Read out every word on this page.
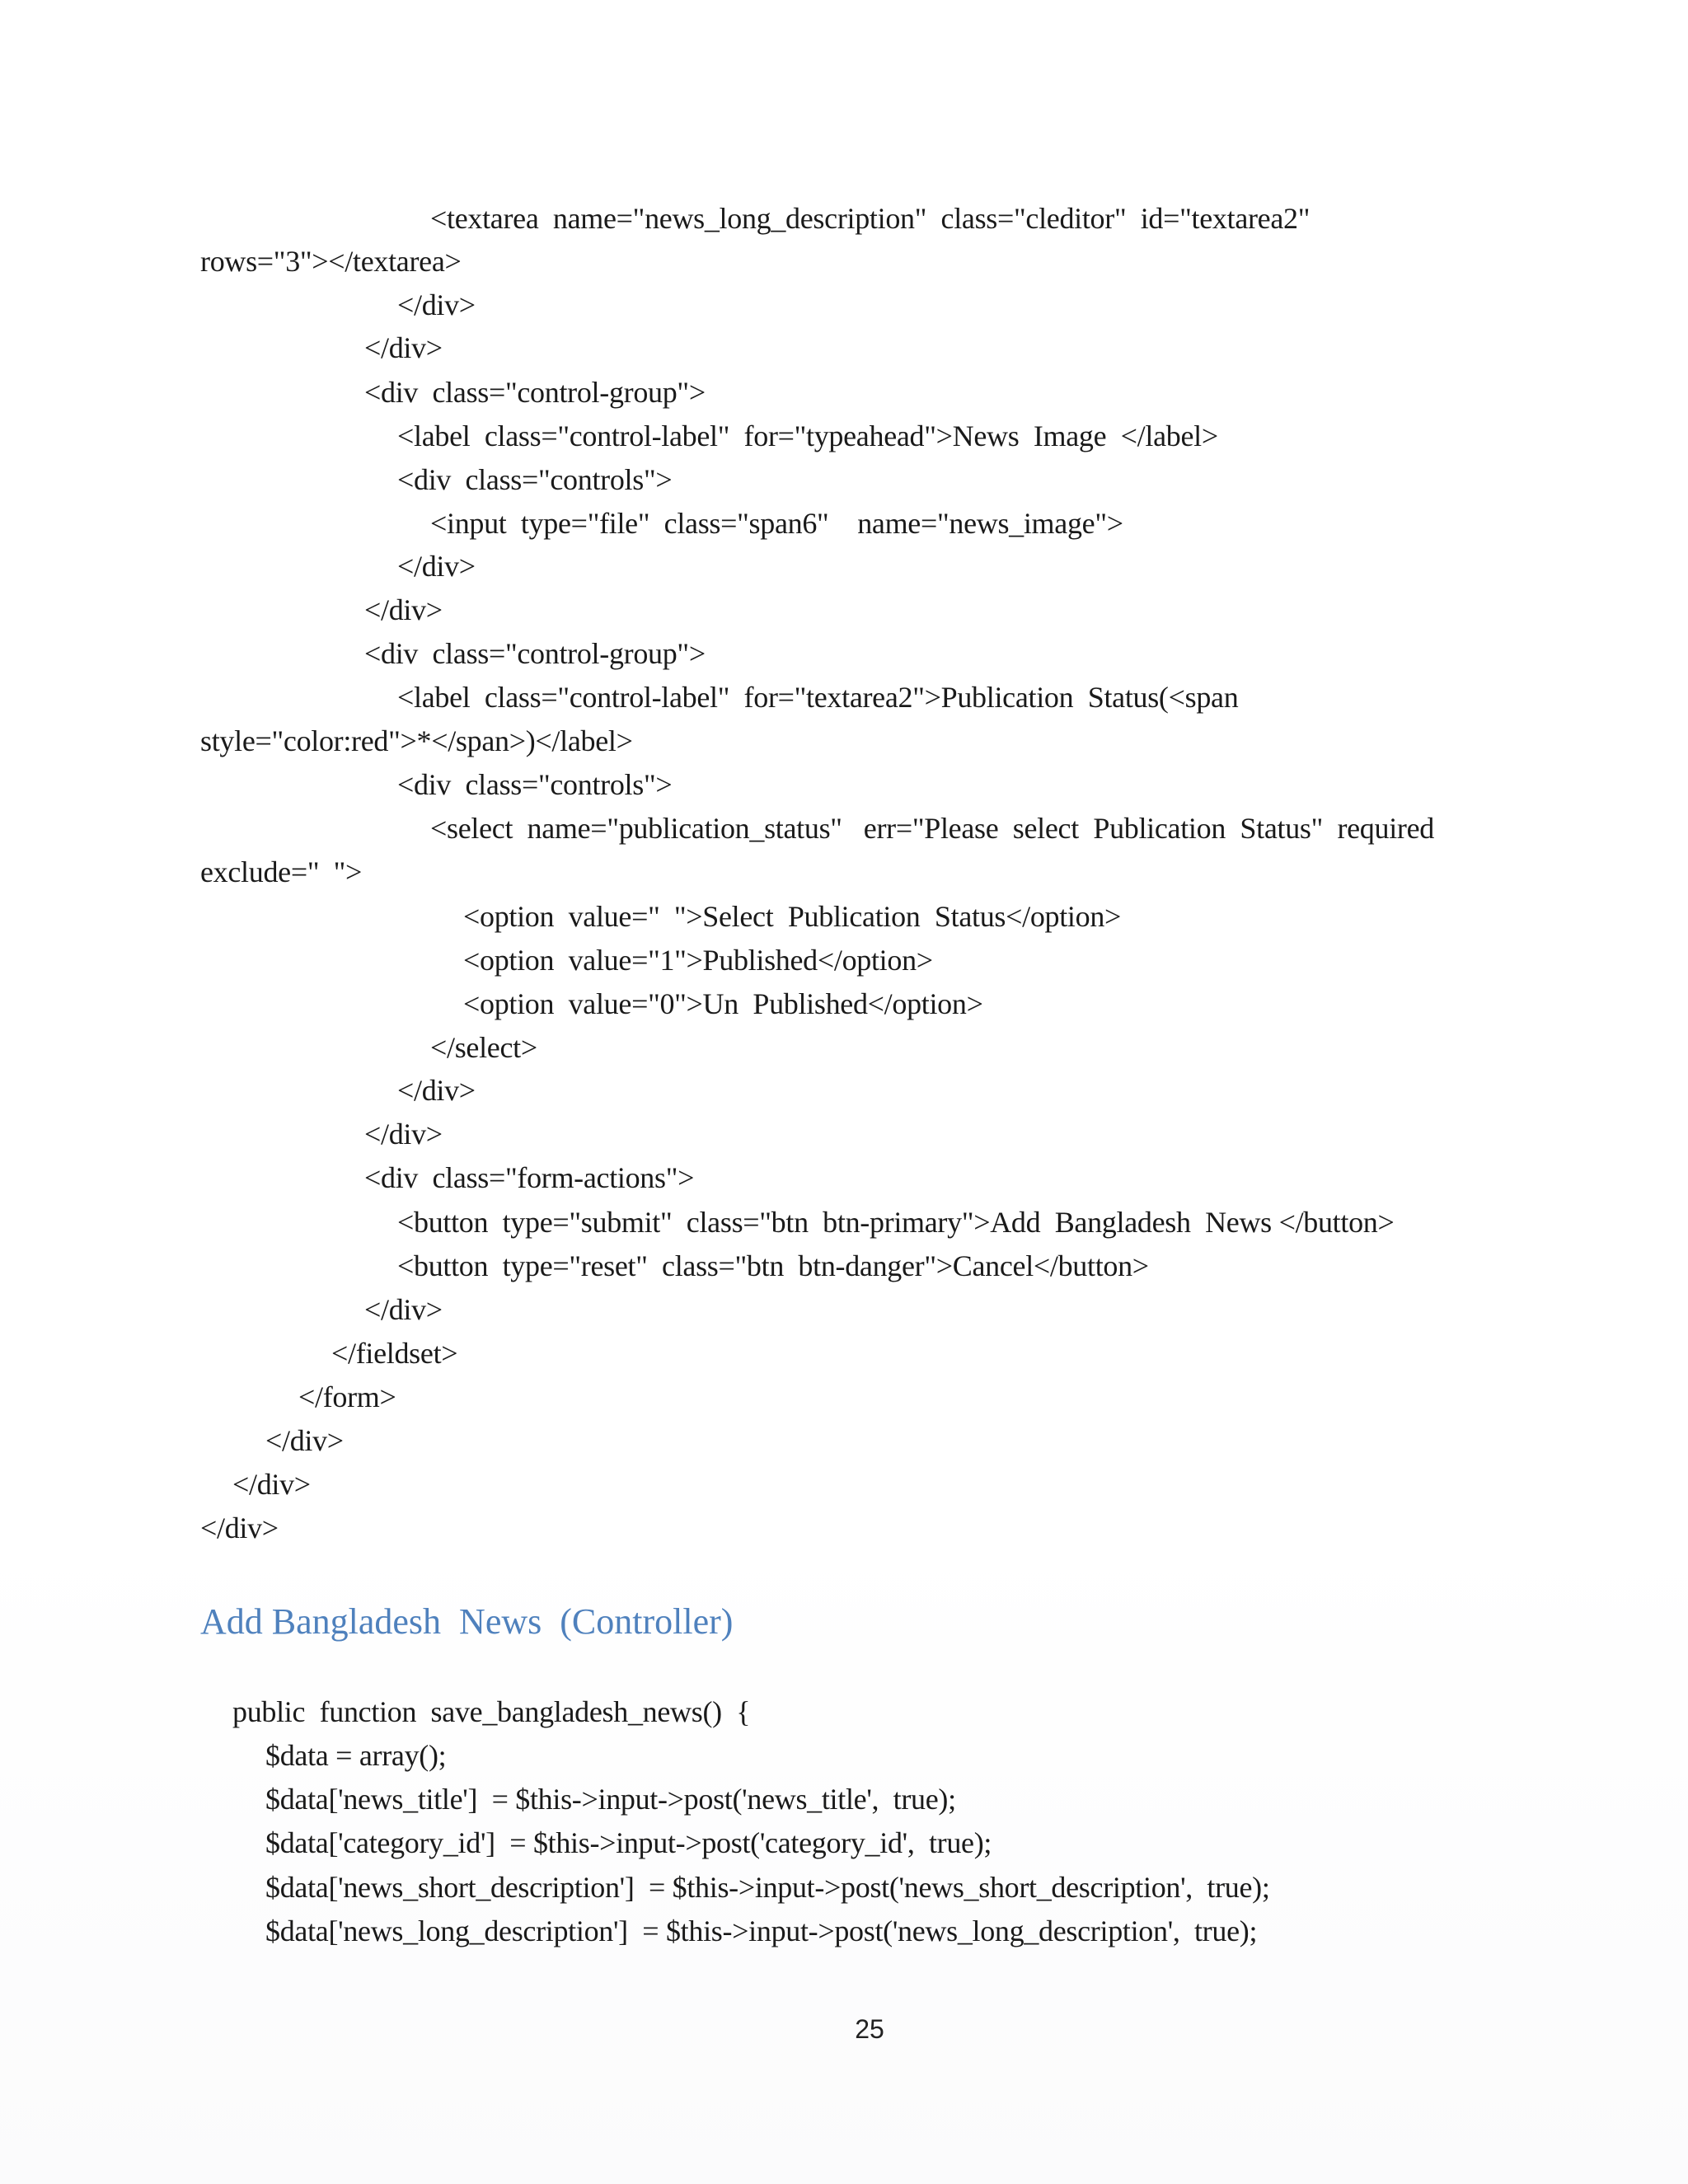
<textarea  name="news_long_description"  class="cleditor"  id="textarea2"
rows="3"></textarea>
</div>
</div>
<div  class="control-group">
<label  class="control-label"  for="typeahead">News  Image  </label>
<div  class="controls">
<input  type="file"  class="span6"    name="news_image">
</div>
</div>
<div  class="control-group">
<label  class="control-label"  for="textarea2">Publication  Status(<span
style="color:red">*</span>)</label>
<div  class="controls">
<select  name="publication_status"   err="Please  select  Publication  Status"  required
exclude="  ">
<option  value="  ">Select  Publication  Status</option>
<option  value="1">Published</option>
<option  value="0">Un  Published</option>
</select>
</div>
</div>
<div  class="form-actions">
<button  type="submit"  class="btn  btn-primary">Add  Bangladesh  News </button>
<button  type="reset"  class="btn  btn-danger">Cancel</button>
</div>
</fieldset>
</form>
</div>
</div>
</div>
Add Bangladesh  News  (Controller)
public  function  save_bangladesh_news()  {
$data = array();
$data['news_title']  = $this->input->post('news_title',  true);
$data['category_id']  = $this->input->post('category_id',  true);
$data['news_short_description']  = $this->input->post('news_short_description',  true);
$data['news_long_description']  = $this->input->post('news_long_description',  true);
25
